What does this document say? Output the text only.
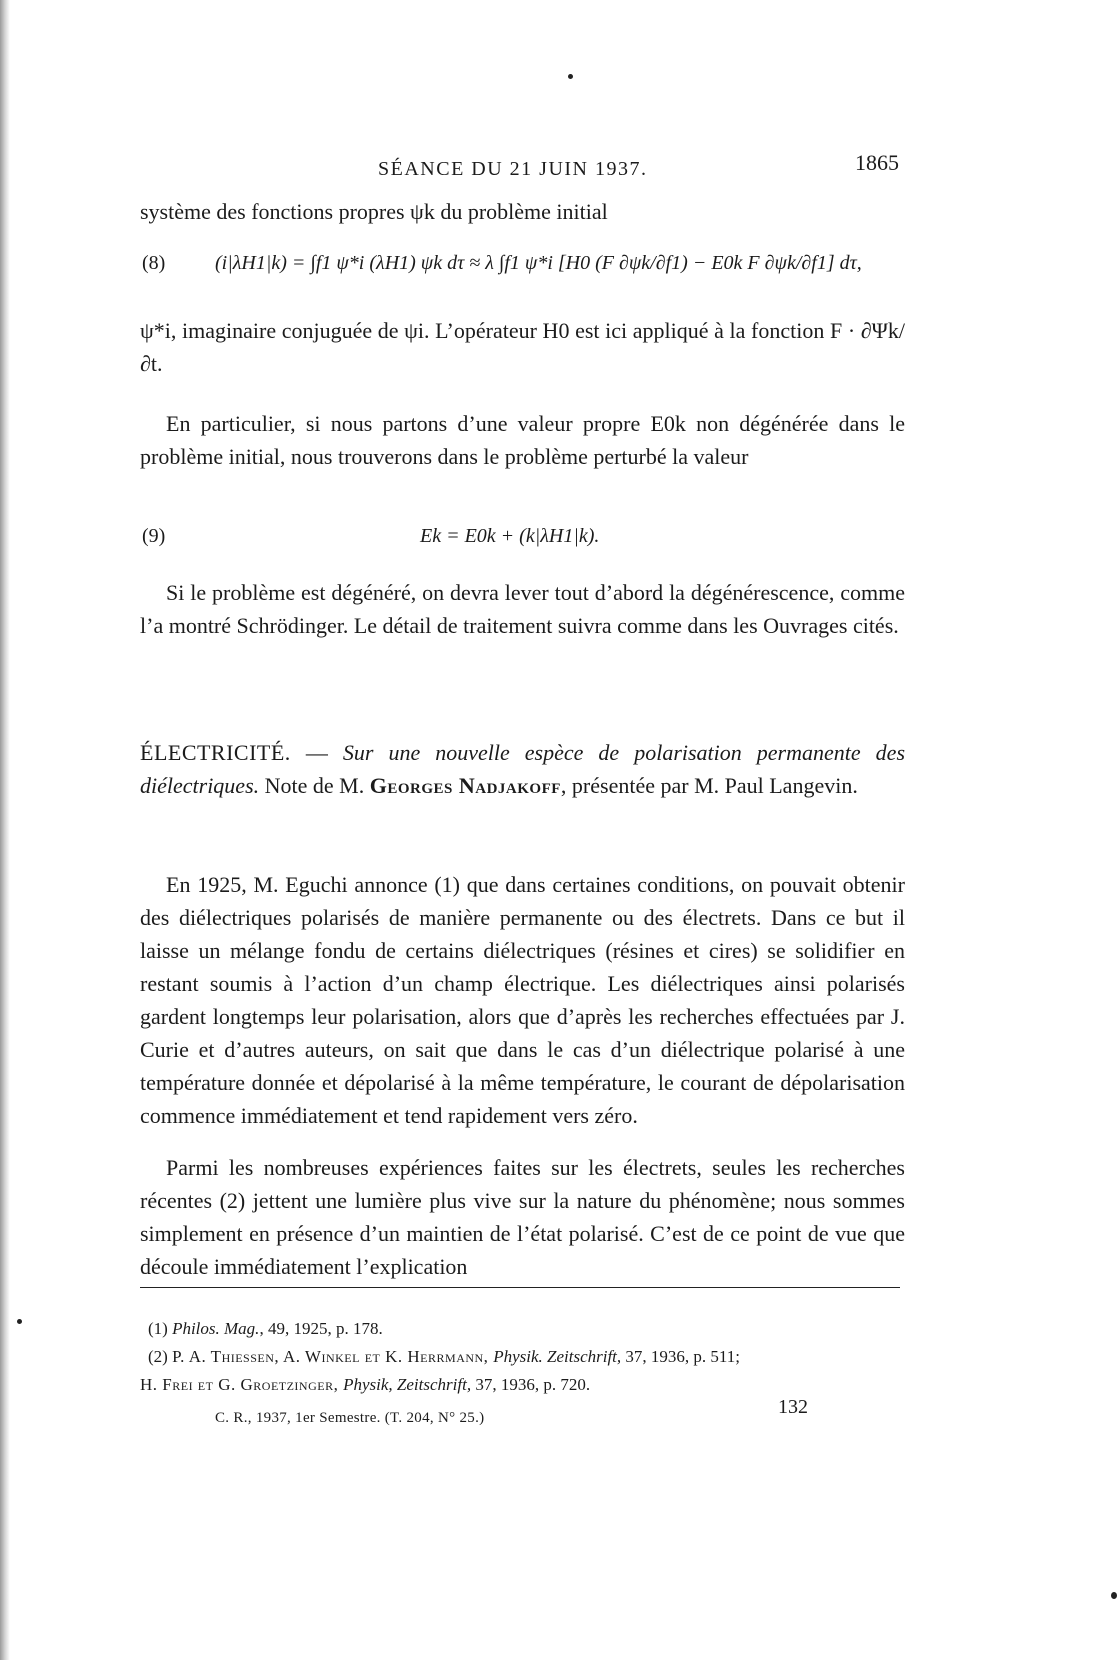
SÉANCE DU 21 JUIN 1937.	1865

système des fonctions propres ψk du problème initial

(8) (i|λH1|k) = ∫f1 ψ*i (λH1) ψk dτ ≈ λ ∫f1 ψ*i [H0 (F ∂ψk/∂f1) − E0k F ∂ψk/∂f1] dτ,

ψ*i, imaginaire conjuguée de ψi. L’opérateur H0 est ici appliqué à la fonction F · ∂Ψk/∂t.

En particulier, si nous partons d’une valeur propre E0k non dégénérée dans le problème initial, nous trouverons dans le problème perturbé la valeur

(9)	Ek = E0k + (k|λH1|k).

Si le problème est dégénéré, on devra lever tout d’abord la dégénérescence, comme l’a montré Schrödinger. Le détail de traitement suivra comme dans les Ouvrages cités.

ÉLECTRICITÉ. — Sur une nouvelle espèce de polarisation permanente des diélectriques. Note de M. Georges Nadjakoff, présentée par M. Paul Langevin.

En 1925, M. Eguchi annonce (1) que dans certaines conditions, on pouvait obtenir des diélectriques polarisés de manière permanente ou des électrets. Dans ce but il laisse un mélange fondu de certains diélectriques (résines et cires) se solidifier en restant soumis à l’action d’un champ électrique. Les diélectriques ainsi polarisés gardent longtemps leur polarisation, alors que d’après les recherches effectuées par J. Curie et d’autres auteurs, on sait que dans le cas d’un diélectrique polarisé à une température donnée et dépolarisé à la même température, le courant de dépolarisation commence immédiatement et tend rapidement vers zéro.

Parmi les nombreuses expériences faites sur les électrets, seules les recherches récentes (2) jettent une lumière plus vive sur la nature du phénomène; nous sommes simplement en présence d’un maintien de l’état polarisé. C’est de ce point de vue que découle immédiatement l’explication

(1) Philos. Mag., 49, 1925, p. 178.

(2) P. A. Thiessen, A. Winkel et K. Herrmann, Physik. Zeitschrift, 37, 1936, p. 511;

H. Frei et G. Groetzinger, Physik, Zeitschrift, 37, 1936, p. 720.

C. R., 1937, 1er Semestre. (T. 204, N° 25.)	132
